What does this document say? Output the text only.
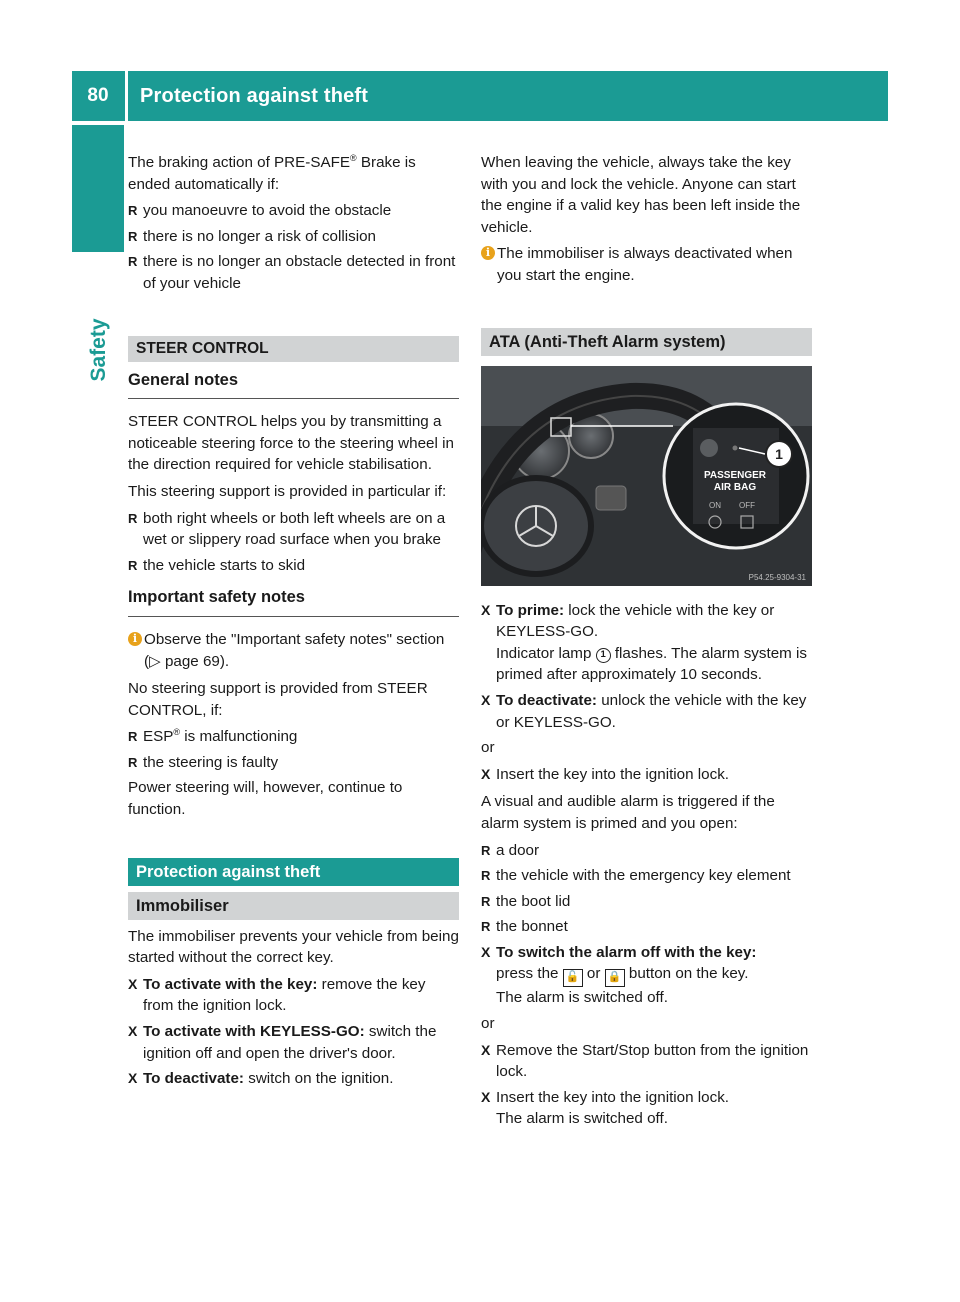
80	Protection against theft
Safety

The braking action of PRE-SAFE® Brake is ended automatically if:

R you manoeuvre to avoid the obstacle
R there is no longer a risk of collision
R there is no longer an obstacle detected in front of your vehicle
STEER CONTROL
General notes

STEER CONTROL helps you by transmitting a noticeable steering force to the steering wheel in the direction required for vehicle stabilisation.

This steering support is provided in particular if:

R both right wheels or both left wheels are on a wet or slippery road surface when you brake
R the vehicle starts to skid
Important safety notes
i Observe the "Important safety notes" section (▷ page 69).

No steering support is provided from STEER CONTROL, if:

R ESP® is malfunctioning
R the steering is faulty

Power steering will, however, continue to function.

Protection against theft
Immobiliser

The immobiliser prevents your vehicle from being started without the correct key.

X To activate with the key: remove the key from the ignition lock.
X To activate with KEYLESS-GO: switch the ignition off and open the driver's door.
X To deactivate: switch on the ignition.

When leaving the vehicle, always take the key with you and lock the vehicle. Anyone can start the engine if a valid key has been left inside the vehicle.

i The immobiliser is always deactivated when you start the engine.
ATA (Anti-Theft Alarm system)
PASSENGER
AIR BAG
ON OFF
1
P54.25-9304-31
X To prime: lock the vehicle with the key or KEYLESS-GO.
Indicator lamp 1 flashes. The alarm system is primed after approximately 10 seconds.
X To deactivate: unlock the vehicle with the key or KEYLESS-GO.

or

X Insert the key into the ignition lock.

A visual and audible alarm is triggered if the alarm system is primed and you open:

R a door
R the vehicle with the emergency key element
R the boot lid
R the bonnet
X To switch the alarm off with the key:
press the 🔓 or 🔒 button on the key.
The alarm is switched off.

or

X Remove the Start/Stop button from the ignition lock.
X Insert the key into the ignition lock.
The alarm is switched off.
